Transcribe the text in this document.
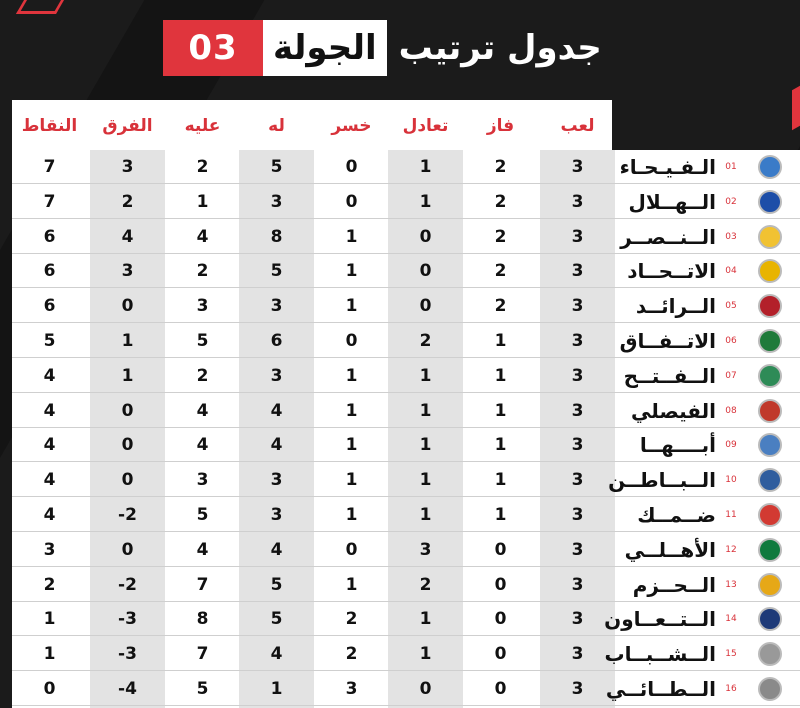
03	الجولة جدول ترتيب
لعب
فاز
تعادل
خسر
له
عليه
الفرق
النقاط
01
الـفـيـحـاء
3
2
1
0
5
2
3
7
02
الــهــلال
3
2
1
0
3
1
2
7
03
الــنــصــر
3
2
0
1
8
4
4
6
04
الاتــحــاد
3
2
0
1
5
2
3
6
05
الــرائــد
3
2
0
1
3
3
0
6
06
الاتــفــاق
3
1
2
0
6
5
1
5
07
الــفــتــح
3
1
1
1
3
2
1
4
08
الفيصلي
3
1
1
1
4
4
0
4
09
أبــــهــا
3
1
1
1
4
4
0
4
10
الــبــاطــن
3
1
1
1
3
3
0
4
11
ضــمــك
3
1
1
1
3
5
-2
4
12
الأهــلــي
3
0
3
0
4
4
0
3
13
الــحــزم
3
0
2
1
5
7
-2
2
14
الــتــعــاون
3
0
1
2
5
8
-3
1
15
الــشــبــاب
3
0
1
2
4
7
-3
1
16
الــطــائــي
3
0
0
3
1
5
-4
0
